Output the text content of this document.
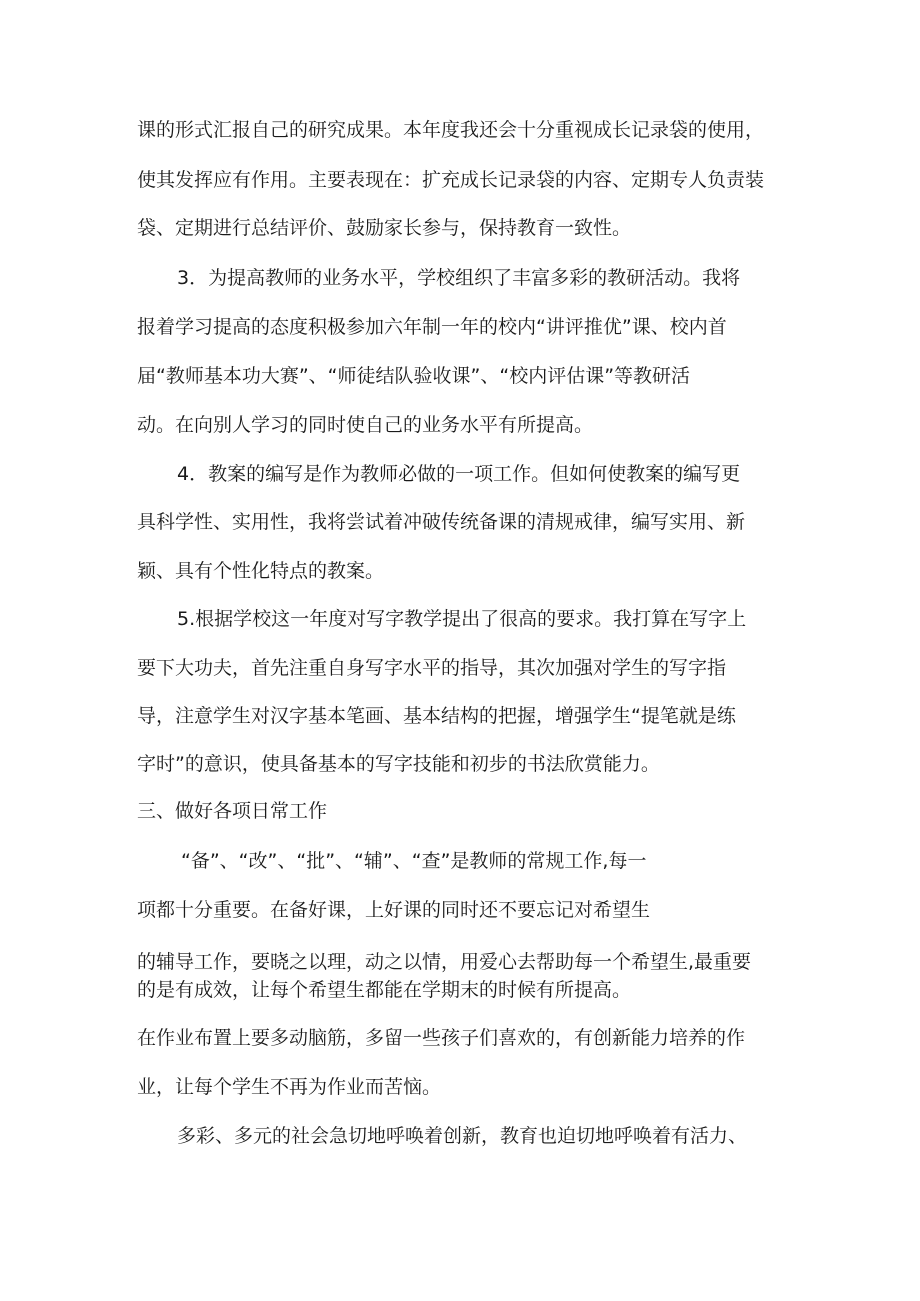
课的形式汇报自己的研究成果。本年度我还会十分重视成长记录袋的使用，
使其发挥应有作用。主要表现在：扩充成长记录袋的内容、定期专人负责装
袋、定期进行总结评价、鼓励家长参与，保持教育一致性。
3．为提高教师的业务水平，学校组织了丰富多彩的教研活动。我将
报着学习提高的态度积极参加六年制一年的校内“讲评推优”课、校内首
届“教师基本功大赛”、“师徒结队验收课”、“校内评估课”等教研活
动。在向别人学习的同时使自己的业务水平有所提高。
4．教案的编写是作为教师必做的一项工作。但如何使教案的编写更
具科学性、实用性，我将尝试着冲破传统备课的清规戒律，编写实用、新
颖、具有个性化特点的教案。
5.根据学校这一年度对写字教学提出了很高的要求。我打算在写字上
要下大功夫，首先注重自身写字水平的指导，其次加强对学生的写字指
导，注意学生对汉字基本笔画、基本结构的把握，增强学生“提笔就是练
字时”的意识，使具备基本的写字技能和初步的书法欣赏能力。
三、做好各项日常工作
“备”、“改”、“批”、“辅”、“查”是教师的常规工作,每一
项都十分重要。在备好课，上好课的同时还不要忘记对希望生
的辅导工作，要晓之以理，动之以情，用爱心去帮助每一个希望生,最重要
的是有成效，让每个希望生都能在学期末的时候有所提高。
在作业布置上要多动脑筋，多留一些孩子们喜欢的，有创新能力培养的作
业，让每个学生不再为作业而苦恼。
多彩、多元的社会急切地呼唤着创新，教育也迫切地呼唤着有活力、
